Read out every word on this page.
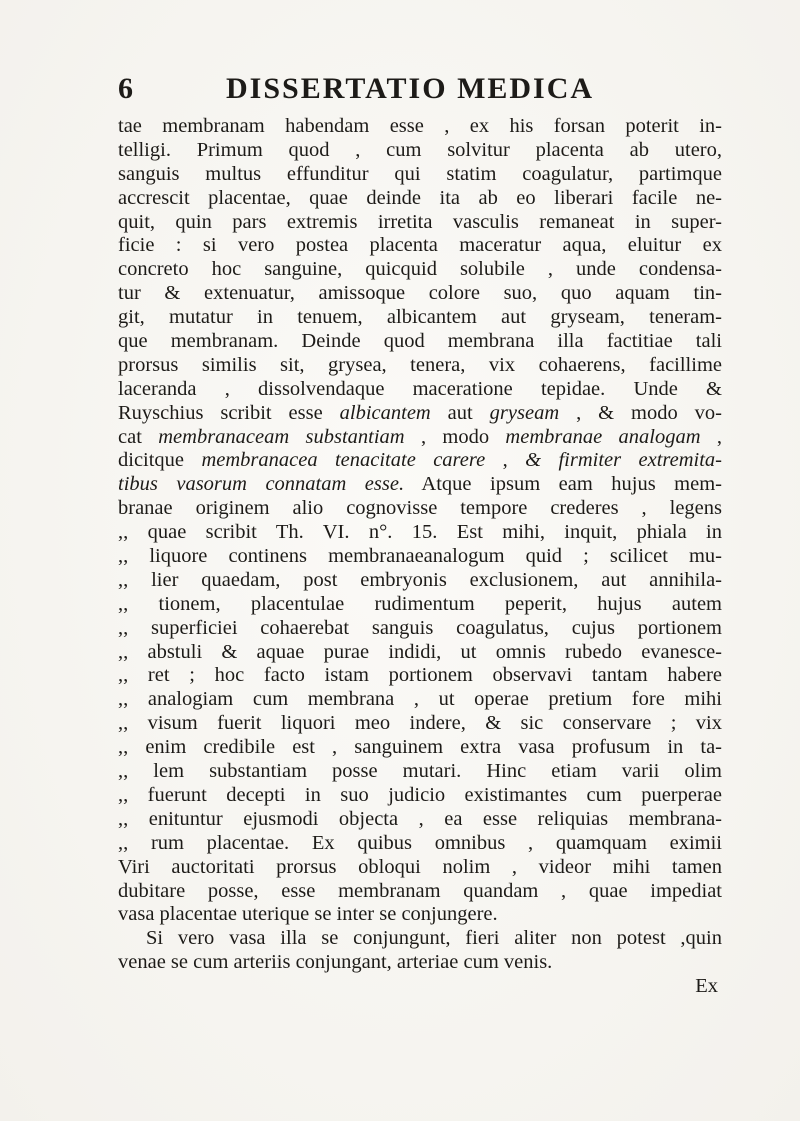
6	DISSERTATIO MEDICA
tae membranam habendam esse , ex his forsan poterit in-
telligi. Primum quod , cum solvitur placenta ab utero,
sanguis multus effunditur qui statim coagulatur, partimque
accrescit placentae, quae deinde ita ab eo liberari facile ne-
quit, quin pars extremis irretita vasculis remaneat in super-
ficie : si vero postea placenta maceratur aqua, eluitur ex
concreto hoc sanguine, quicquid solubile , unde condensa-
tur & extenuatur, amissoque colore suo, quo aquam tin-
git, mutatur in tenuem, albicantem aut gryseam, teneram-
que membranam. Deinde quod membrana illa factitiae tali
prorsus similis sit, grysea, tenera, vix cohaerens, facillime
laceranda , dissolvendaque maceratione tepidae. Unde &
Ruyschius scribit esse albicantem aut gryseam , & modo vo-
cat membranaceam substantiam , modo membranae analogam ,
dicitque membranacea tenacitate carere , & firmiter extremita-
tibus vasorum connatam esse. Atque ipsum eam hujus mem-
branae originem alio cognovisse tempore crederes , legens
,, quae scribit Th. VI. n°. 15. Est mihi, inquit, phiala in
,, liquore continens membranaeanalogum quid ; scilicet mu-
,, lier quaedam, post embryonis exclusionem, aut annihila-
,, tionem, placentulae rudimentum peperit, hujus autem
,, superficiei cohaerebat sanguis coagulatus, cujus portionem
,, abstuli & aquae purae indidi, ut omnis rubedo evanesce-
,, ret ; hoc facto istam portionem observavi tantam habere
,, analogiam cum membrana , ut operae pretium fore mihi
,, visum fuerit liquori meo indere, & sic conservare ; vix
,, enim credibile est , sanguinem extra vasa profusum in ta-
,, lem substantiam posse mutari. Hinc etiam varii olim
,, fuerunt decepti in suo judicio existimantes cum puerperae
,, enituntur ejusmodi objecta , ea esse reliquias membrana-
,, rum placentae. Ex quibus omnibus , quamquam eximii
Viri auctoritati prorsus obloqui nolim , videor mihi tamen
dubitare posse, esse membranam quandam , quae impediat
vasa placentae uterique se inter se conjungere.
Si vero vasa illa se conjungunt, fieri aliter non potest ,quin
venae se cum arteriis conjungant, arteriae cum venis.
Ex
